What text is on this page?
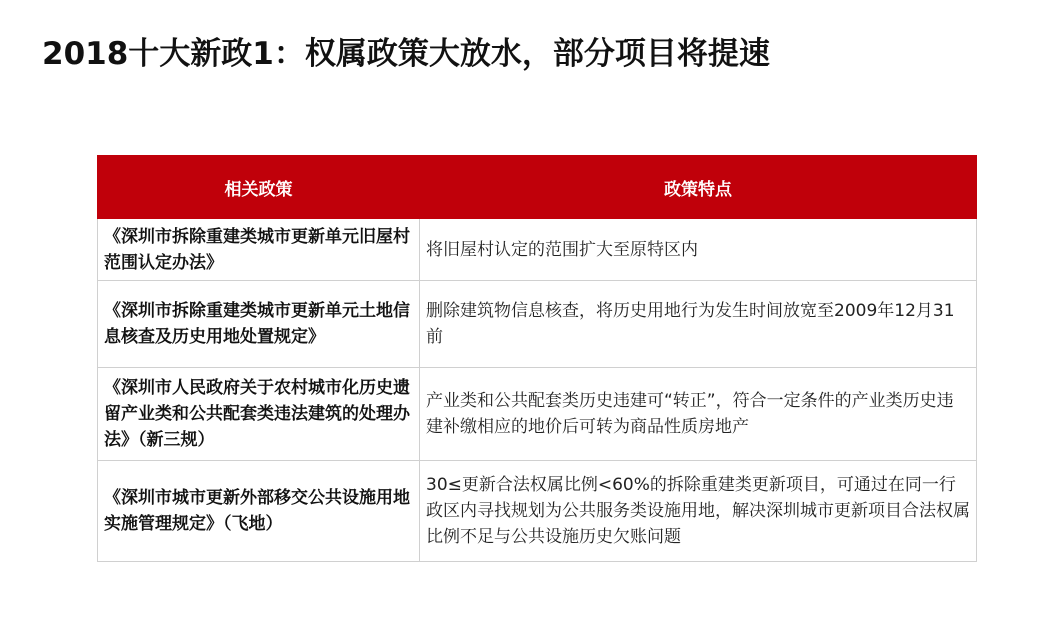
2018十大新政1：权属政策大放水，部分项目将提速
相关政策	政策特点
《深圳市拆除重建类城市更新单元旧屋村范围认定办法》	将旧屋村认定的范围扩大至原特区内
《深圳市拆除重建类城市更新单元土地信息核查及历史用地处置规定》	删除建筑物信息核查，将历史用地行为发生时间放宽至2009年12月31前
《深圳市人民政府关于农村城市化历史遗留产业类和公共配套类违法建筑的处理办法》（新三规）	产业类和公共配套类历史违建可“转正”，符合一定条件的产业类历史违建补缴相应的地价后可转为商品性质房地产
《深圳市城市更新外部移交公共设施用地实施管理规定》（飞地）	30≤更新合法权属比例<60%的拆除重建类更新项目，可通过在同一行政区内寻找规划为公共服务类设施用地，解决深圳城市更新项目合法权属比例不足与公共设施历史欠账问题
